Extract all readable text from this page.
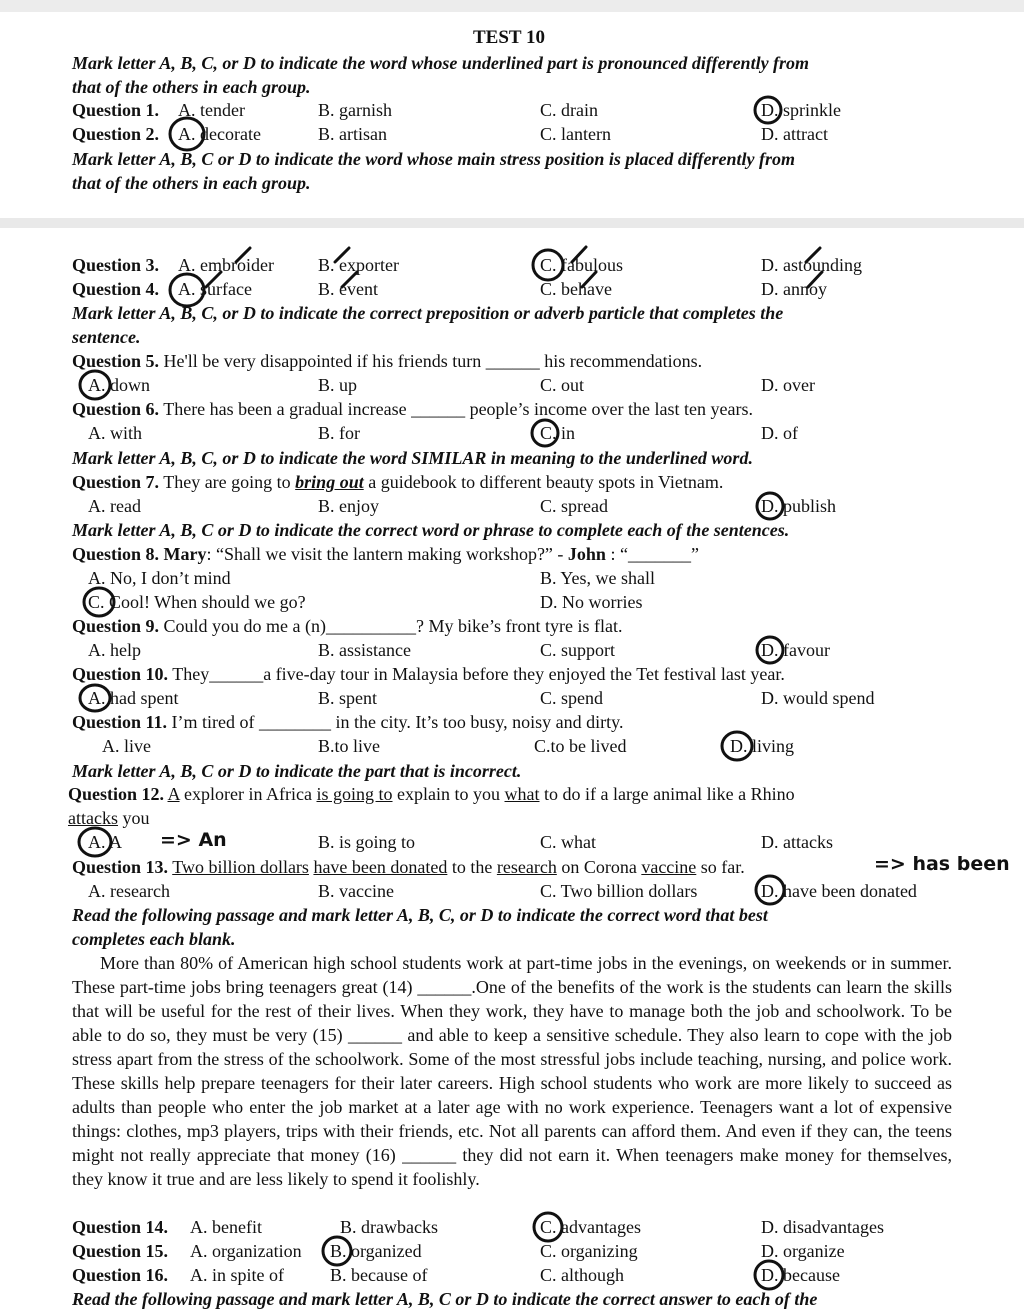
TEST 10
Mark letter A, B, C, or D to indicate the word whose underlined part is pronounced differently from
that of the others in each group.
Question 1. A. tender	B. garnish	C. drain	D. sprinkle
Question 2. A. decorate	B. artisan	C. lantern	D. attract
Mark letter A, B, C or D to indicate the word whose main stress position is placed differently from
that of the others in each group.
Question 3. A. embroider B. exporter	C. fabulous	D. astounding
Question 4. A. surface	B. event	C. behave	D. annoy
Mark letter A, B, C, or D to indicate the correct preposition or adverb particle that completes the
sentence.
Question 5. He'll be very disappointed if his friends turn ______ his recommendations.
A. down	B. up	C. out	D. over
Question 6. There has been a gradual increase ______ people’s income over the last ten years.
A. with	B. for	C. in	D. of
Mark letter A, B, C, or D to indicate the word SIMILAR in meaning to the underlined word.
Question 7. They are going to bring out a guidebook to different beauty spots in Vietnam.
A. read	B. enjoy	C. spread	D. publish
Mark letter A, B, C or D to indicate the correct word or phrase to complete each of the sentences.
Question 8. Mary: “Shall we visit the lantern making workshop?” - John : “_______”
A. No, I don’t mind	B. Yes, we shall
C. Cool! When should we go?	D. No worries
Question 9. Could you do me a (n)__________? My bike’s front tyre is flat.
A. help	B. assistance	C. support	D. favour
Question 10. They______a five-day tour in Malaysia before they enjoyed the Tet festival last year.
A. had spent	B. spent	C. spend	D. would spend
Question 11. I’m tired of ________ in the city. It’s too busy, noisy and dirty.
A. live	B.to live	C.to be lived	D. living
Mark letter A, B, C or D to indicate the part that is incorrect.
Question 12. A explorer in Africa is going to explain to you what to do if a large animal like a Rhino
attacks you
A. A => An	B. is going to	C. what	D. attacks
Question 13. Two billion dollars have been donated to the research on Corona vaccine so far.	=> has been
A. research	B. vaccine	C. Two billion dollars	D. have been donated
Read the following passage and mark letter A, B, C, or D to indicate the correct word that best
completes each blank.

More than 80% of American high school students work at part-time jobs in the evenings, on weekends or in summer. These part-time jobs bring teenagers great (14) ______.One of the benefits of the work is the students can learn the skills that will be useful for the rest of their lives. When they work, they have to manage both the job and schoolwork. To be able to do so, they must be very (15) ______ and able to keep a sensitive schedule. They also learn to cope with the job stress apart from the stress of the schoolwork. Some of the most stressful jobs include teaching, nursing, and police work. These skills help prepare teenagers for their later careers. High school students who work are more likely to succeed as adults than people who enter the job market at a later age with no work experience. Teenagers want a lot of expensive things: clothes, mp3 players, trips with their friends, etc. Not all parents can afford them. And even if they can, the teens might not really appreciate that money (16) ______ they did not earn it. When teenagers make money for themselves, they know it true and are less likely to spend it foolishly.

Question 14. A. benefit	B. drawbacks	C. advantages	D. disadvantages
Question 15. A. organization B. organized	C. organizing	D. organize
Question 16. A. in spite of	B. because of	C. although	D. because
Read the following passage and mark letter A, B, C or D to indicate the correct answer to each of the
